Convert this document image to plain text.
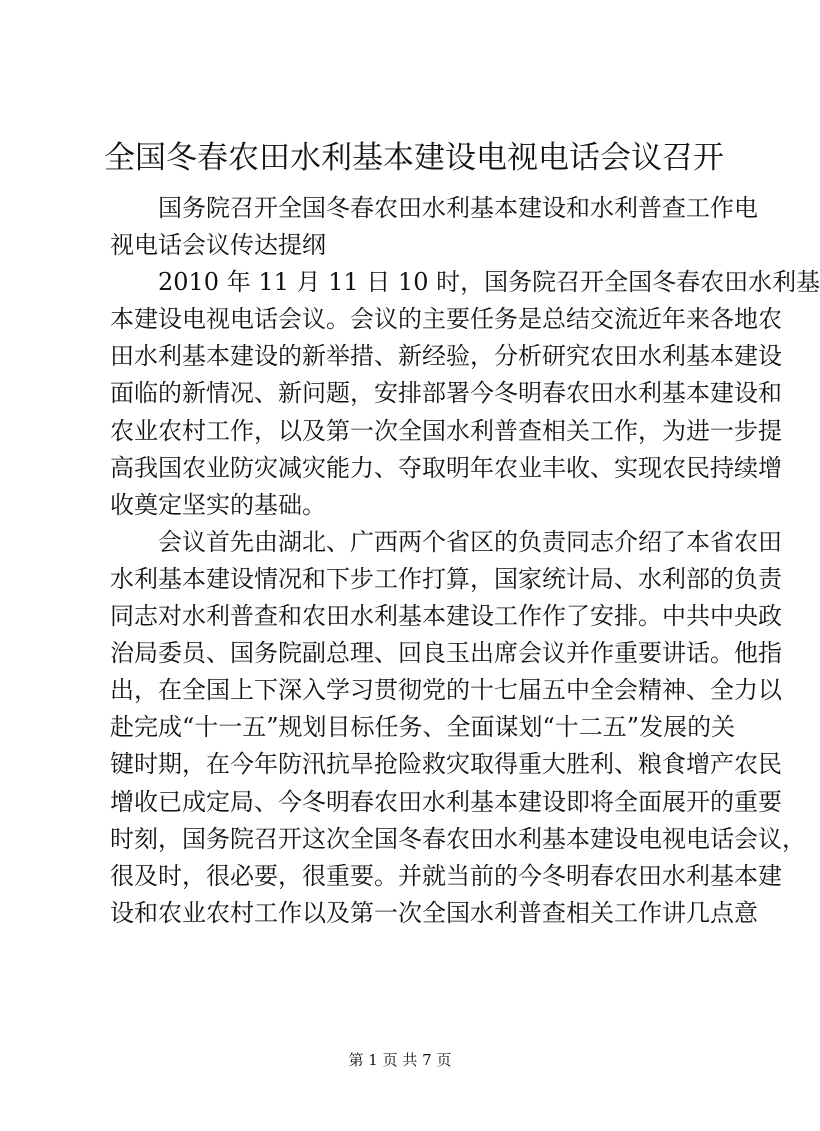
全国冬春农田水利基本建设电视电话会议召开
国务院召开全国冬春农田水利基本建设和水利普查工作电
视电话会议传达提纲
2010 年 11 月 11 日 10 时，国务院召开全国冬春农田水利基
本建设电视电话会议。会议的主要任务是总结交流近年来各地农
田水利基本建设的新举措、新经验，分析研究农田水利基本建设
面临的新情况、新问题，安排部署今冬明春农田水利基本建设和
农业农村工作，以及第一次全国水利普查相关工作，为进一步提
高我国农业防灾减灾能力、夺取明年农业丰收、实现农民持续增
收奠定坚实的基础。
会议首先由湖北、广西两个省区的负责同志介绍了本省农田
水利基本建设情况和下步工作打算，国家统计局、水利部的负责
同志对水利普查和农田水利基本建设工作作了安排。中共中央政
治局委员、国务院副总理、回良玉出席会议并作重要讲话。他指
出，在全国上下深入学习贯彻党的十七届五中全会精神、全力以
赴完成“十一五”规划目标任务、全面谋划“十二五”发展的关
键时期，在今年防汛抗旱抢险救灾取得重大胜利、粮食增产农民
增收已成定局、今冬明春农田水利基本建设即将全面展开的重要
时刻，国务院召开这次全国冬春农田水利基本建设电视电话会议，
很及时，很必要，很重要。并就当前的今冬明春农田水利基本建
设和农业农村工作以及第一次全国水利普查相关工作讲几点意
第 1 页 共 7 页
